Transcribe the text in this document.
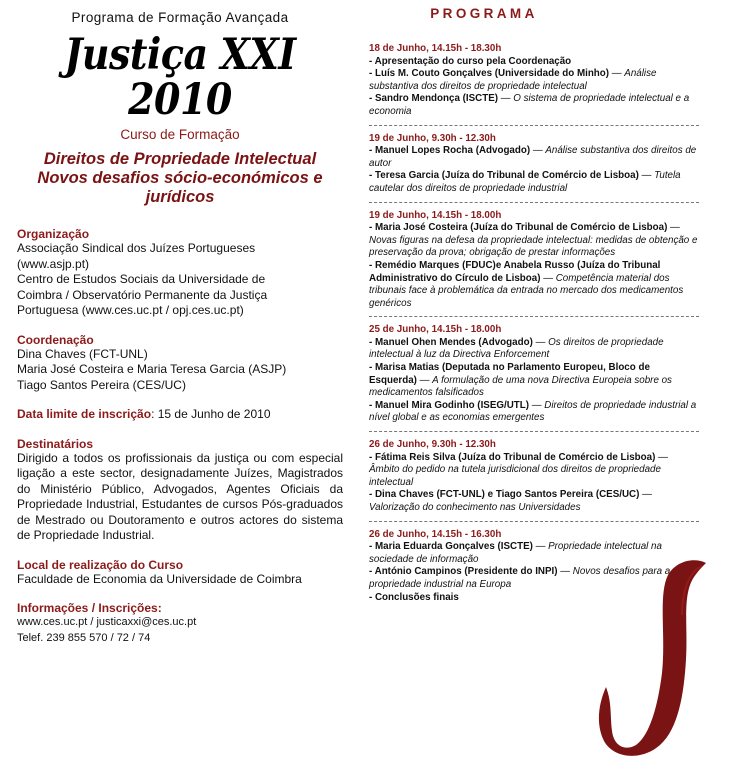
Programa de Formação Avançada
Justiça XXI 2010
Curso de Formação
Direitos de Propriedade Intelectual
Novos desafios sócio-económicos e
jurídicos
Organização
Associação Sindical dos Juízes Portugueses
(www.asjp.pt)
Centro de Estudos Sociais da Universidade de
Coimbra / Observatório Permanente da Justiça
Portuguesa (www.ces.uc.pt / opj.ces.uc.pt)
Coordenação
Dina Chaves (FCT-UNL)
Maria José Costeira e Maria Teresa Garcia (ASJP)
Tiago Santos Pereira (CES/UC)
Data limite de inscrição: 15 de Junho de 2010
Destinatários
Dirigido a todos os profissionais da justiça ou com especial ligação a este sector, designadamente Juízes, Magistrados do Ministério Público, Advogados, Agentes Oficiais da Propriedade Industrial, Estudantes de cursos Pós-graduados de Mestrado ou Doutoramento e outros actores do sistema de Propriedade Industrial.
Local de realização do Curso
Faculdade de Economia da Universidade de Coimbra
Informações / Inscrições:
www.ces.uc.pt / justicaxxi@ces.uc.pt
Telef. 239 855 570 / 72 / 74
PROGRAMA
18 de Junho, 14.15h - 18.30h
- Apresentação do curso pela Coordenação
- Luís M. Couto Gonçalves (Universidade do Minho) — Análise substantiva dos direitos de propriedade intelectual
- Sandro Mendonça (ISCTE) — O sistema de propriedade intelectual e a economia
19 de Junho, 9.30h - 12.30h
- Manuel Lopes Rocha (Advogado) — Análise substantiva dos direitos de autor
- Teresa Garcia (Juíza do Tribunal de Comércio de Lisboa) — Tutela cautelar dos direitos de propriedade industrial
19 de Junho, 14.15h - 18.00h
- Maria José Costeira (Juíza do Tribunal de Comércio de Lisboa) — Novas figuras na defesa da propriedade intelectual: medidas de obtenção e preservação da prova; obrigação de prestar informações
- Remédio Marques (FDUC)e Anabela Russo (Juíza do Tribunal Administrativo do Círculo de Lisboa) — Competência material dos tribunais face à problemática da entrada no mercado dos medicamentos genéricos
25 de Junho, 14.15h - 18.00h
- Manuel Ohen Mendes (Advogado) — Os direitos de propriedade intelectual à luz da Directiva Enforcement
- Marisa Matias (Deputada no Parlamento Europeu, Bloco de Esquerda) — A formulação de uma nova Directiva Europeia sobre os medicamentos falsificados
- Manuel Mira Godinho (ISEG/UTL) — Direitos de propriedade industrial a nível global e as economias emergentes
26 de Junho, 9.30h - 12.30h
- Fátima Reis Silva (Juíza do Tribunal de Comércio de Lisboa) — Âmbito do pedido na tutela jurisdicional dos direitos de propriedade intelectual
- Dina Chaves (FCT-UNL) e Tiago Santos Pereira (CES/UC) — Valorização do conhecimento nas Universidades
26 de Junho, 14.15h - 16.30h
- Maria Eduarda Gonçalves (ISCTE) — Propriedade intelectual na sociedade de informação
- António Campinos (Presidente do INPI) — Novos desafios para a propriedade industrial na Europa
- Conclusões finais
